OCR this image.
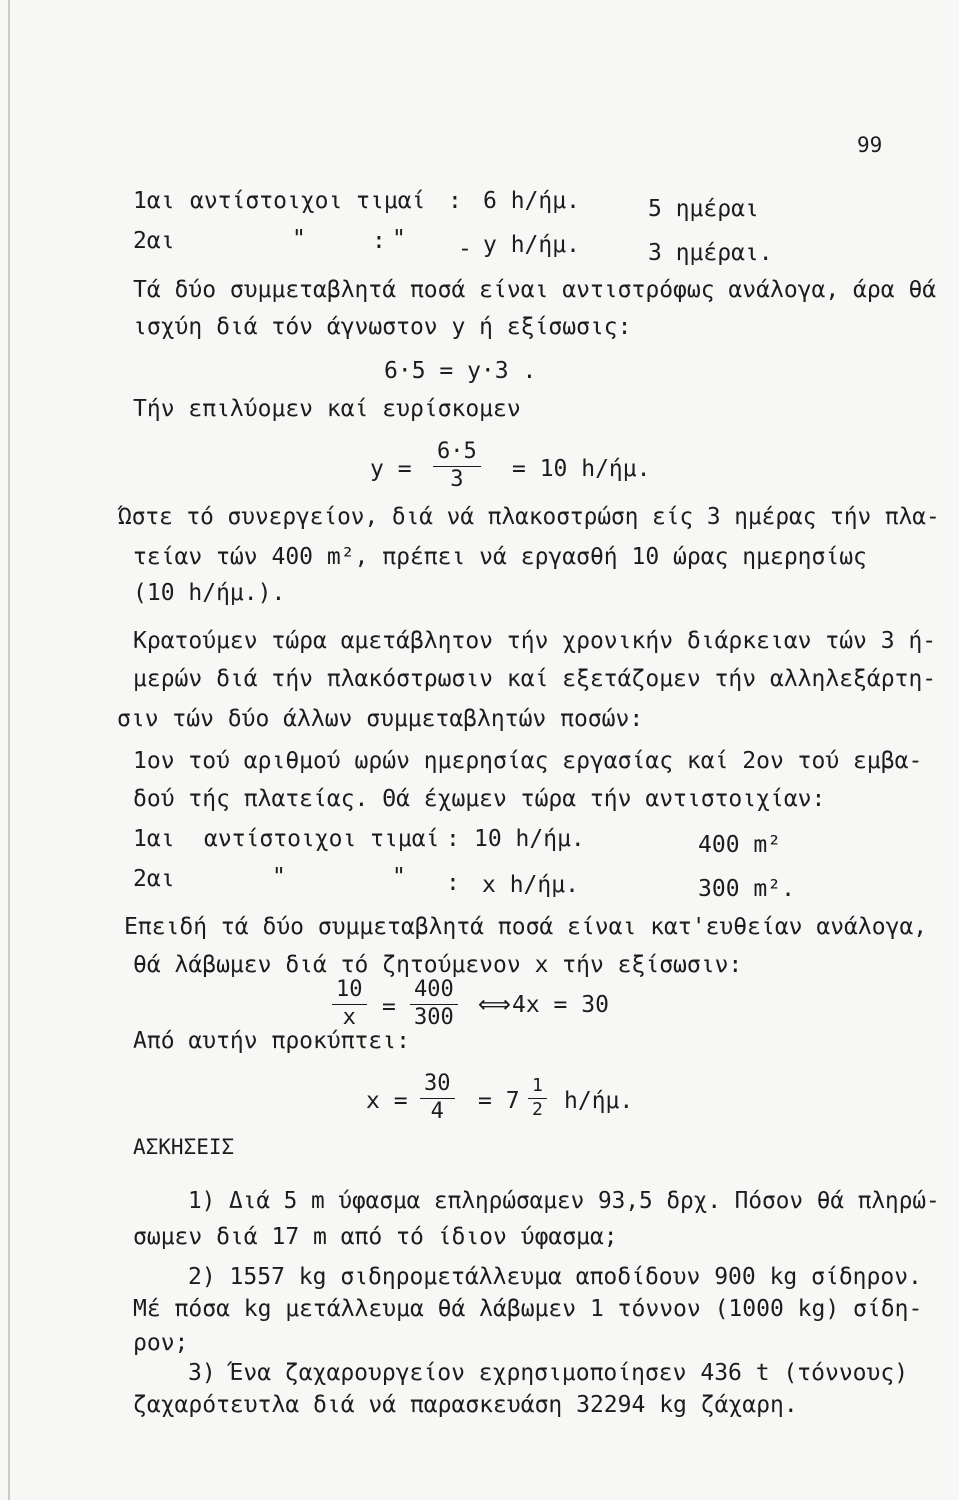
99
1αι αντίστοιχοι τιμαί : 6 h/ήμ.	5 ημέραι
2αι	"	: " - y h/ήμ.	3 ημέραι.
Τά δύο συμμεταβλητά ποσά είναι αντιστρόφως ανάλογα, άρα θά
ισχύη διά τόν άγνωστον y ή εξίσωσις:
6·5 = y·3 .
Τήν επιλύομεν καί ευρίσκομεν
$y = \frac{6\cdot 5}{3} = 10$ h/ήμ.
Ώστε τό συνεργείον, διά νά πλακοστρώση είς 3 ημέρας τήν πλα-
τείαν τών 400 m², πρέπει νά εργασθή 10 ώρας ημερησίως
(10 h/ήμ.).
Κρατούμεν τώρα αμετάβλητον τήν χρονικήν διάρκειαν τών 3 ή-
μερών διά τήν πλακόστρωσιν καί εξετάζομεν τήν αλληλεξάρτη-
σιν τών δύο άλλων συμμεταβλητών ποσών:
1ον τού αριθμού ωρών ημερησίας εργασίας καί 2ον τού εμβα-
δού τής πλατείας. Θά έχωμεν τώρα τήν αντιστοιχίαν:
1αι αντίστοιχοι τιμαί : 10 h/ήμ.	400 m²
2αι	"	" : x h/ήμ.	300 m².
Επειδή τά δύο συμμεταβλητά ποσά είναι κατ'ευθείαν ανάλογα,
θά λάβωμεν διά τό ζητούμενον x τήν εξίσωσιν:
$\frac{10}{x} = \frac{400}{300}$ ⟺ 4x = 30
Από αυτήν προκύπτει:
$x = \frac{30}{4} = 7 \frac{1}{2} h/ή\mu$.
ΑΣΚΗΣΕΙΣ
1) Διά 5 m ύφασμα επληρώσαμεν 93,5 δρχ. Πόσον θά πληρώ-
σωμεν διά 17 m από τό ίδιον ύφασμα;
2) 1557 kg σιδηρομετάλλευμα απoδίδουν 900 kg σίδηρον.
Μέ πόσα kg μετάλλευμα θά λάβωμεν 1 τόννον (1000 kg) σίδη-
ρον;
3) Ένα ζαχαρουργείον εχρησιμοποίησεν 436 t (τόννους)
ζαχαρότευτλα διά νά παρασκευάση 32294 kg ζάχαρη.
